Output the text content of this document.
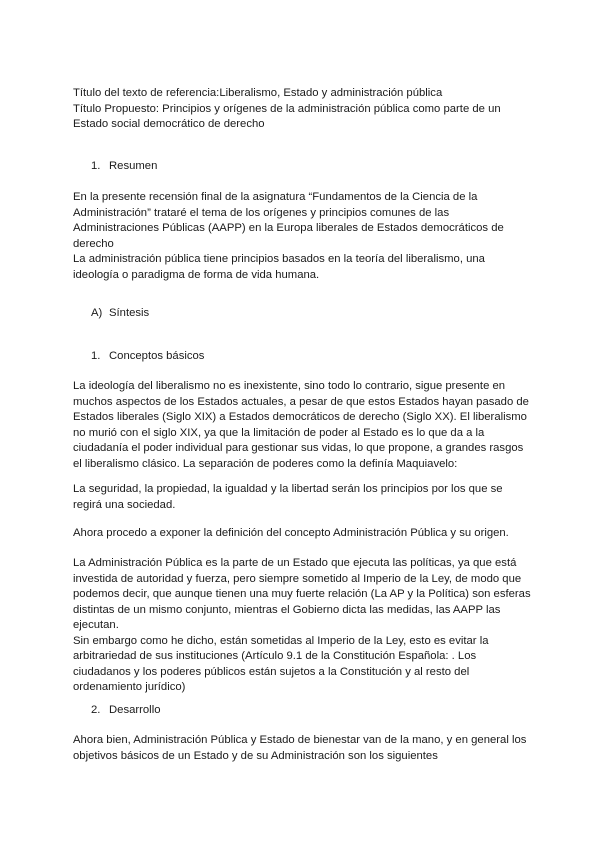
Título del texto de referencia:Liberalismo, Estado y administración pública

Título Propuesto: Principios y orígenes de la administración pública como parte de un

Estado social democrático de derecho

1. Resumen

En la presente recensión final de la asignatura “Fundamentos de la Ciencia de la Administración” trataré el tema de los orígenes y principios comunes de las Administraciones Públicas (AAPP) en la Europa liberales de Estados democráticos de derecho

La administración pública tiene principios basados en la teoría del liberalismo, una ideología o paradigma de forma de vida humana.

A) Síntesis
1. Conceptos básicos

La ideología del liberalismo no es inexistente, sino todo lo contrario, sigue presente en muchos aspectos de los Estados actuales, a pesar de que estos Estados hayan pasado de Estados liberales (Siglo XIX) a Estados democráticos de derecho (Siglo XX). El liberalismo no murió con el siglo XIX, ya que la limitación de poder al Estado es lo que da a la ciudadanía el poder individual para gestionar sus vidas, lo que propone, a grandes rasgos el liberalismo clásico. La separación de poderes como la definía Maquiavelo:

La seguridad, la propiedad, la igualdad y la libertad serán los principios por los que se regirá una sociedad.

Ahora procedo a exponer la definición del concepto Administración Pública y su origen.

La Administración Pública es la parte de un Estado que ejecuta las políticas, ya que está investida de autoridad y fuerza, pero siempre sometido al Imperio de la Ley, de modo que podemos decir, que aunque tienen una muy fuerte relación (La AP y la Política) son esferas distintas de un mismo conjunto, mientras el Gobierno dicta las medidas, las AAPP las ejecutan.

Sin embargo como he dicho, están sometidas al Imperio de la Ley, esto es evitar la arbitrariedad de sus instituciones (Artículo 9.1 de la Constitución Española: . Los ciudadanos y los poderes públicos están sujetos a la Constitución y al resto del ordenamiento jurídico)

2. Desarrollo

Ahora bien, Administración Pública y Estado de bienestar van de la mano, y en general los objetivos básicos de un Estado y de su Administración son los siguientes
